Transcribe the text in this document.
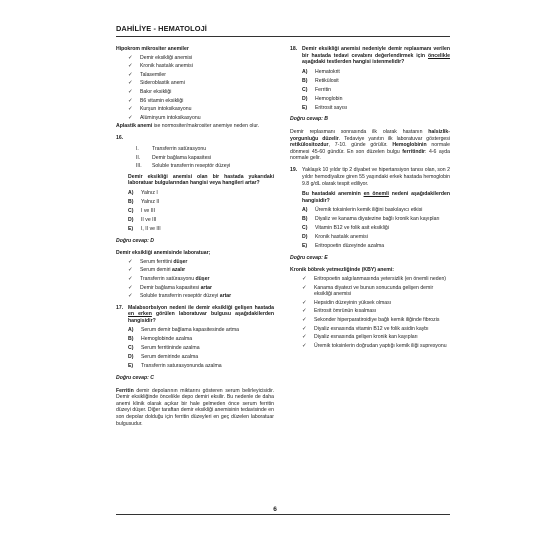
DAHİLİYE - HEMATOLOJİ
Hipokrom mikrositer anemiler
✓ Demir eksikliği anemisi
✓ Kronik hastalık anemisi
✓ Talasemiler
✓ Sideroblastik anemi
✓ Bakır eksikliği
✓ B6 vitamin eksikliği
✓ Kurşun intoksikasyonu
✓ Alüminyum intoksikasyonu
Aplastik anemi ise normositer/makrositer anemiye neden olur.
16.
I.	Transferrin satürasyonu
II.	Demir bağlama kapasitesi
III.	Soluble transferrin reseptör düzeyi
Demir eksikliği anemisi olan bir hastada yukarıdaki laboratuar bulgularından hangisi veya hangileri artar?
A)	Yalnız I
B)	Yalnız II
C)	I ve III
D)	II ve III
E)	I, II ve III
Doğru cevap: D
Demir eksikliği anemisinde laboratuar;
✓ Serum ferritini düşer
✓ Serum demiri azalır
✓ Transferrin satürasyonu düşer
✓ Demir bağlama kapasitesi artar
✓ Soluble transferrin reseptör düzeyi artar
17. Malabsorbsiyon nedeni ile demir eksikliği gelişen hastada en erken görülen laboratuvar bulgusu aşağıdakilerden hangisidir?
A)	Serum demir bağlama kapasitesinde artma
B)	Hemoglobinde azalma
C)	Serum ferritininde azalma
D)	Serum demirinde azalma
E)	Transferrin saturasyonunda azalma
Doğru cevap: C
Ferritin demir depolarının miktarını gösteren serum belirleyicisidir. Demir eksikliğinde öncelikle depo demiri eksilir. Bu nedenle de daha anemi klinik olarak açıkar bir hale gelmeden önce serum ferritin düzeyi düşer. Diğer taraftan demir eksikliği anemisinin tedavisinde en son depolar dolduğu için ferritin düzeyleri en geç düzelen laboratuar bulgusudur.
18. Demir eksikliği anemisi nedeniyle demir replasmanı verilen bir hastada tedavi cevabını değerlendirmek için öncelikle aşağıdaki testlerden hangisi istenmelidir?
A)	Hematokrit
B)	Retikülosit
C)	Ferritin
D)	Hemoglobin
E)	Eritrosit sayısı
Doğru cevap: B
Demir replasmanı sonrasında ilk olarak hastanın halsizlik-yorgunluğu düzelir. Tedaviye yanıtın ilk laboratuvar göstergesi retikülositozdur, 7-10. günde görülür. Hemoglobinin normale dönmesi 45-60 gündür. En son düzelen bulgu ferritindir: 4-6 ayda normale gelir.
19. Yaklaşık 10 yıldır tip 2 diyabet ve hipertansiyon tanısı olan, son 2 yıldır hemodiyalize giren 55 yaşındaki erkek hastada hemoglobin 9.8 g/dL olarak tespit ediliyor.
Bu hastadaki aneminin en önemli nedeni aşağıdakilerden hangisidir?
A)	Üremik toksinlerin kemik iliğini baskılayıcı etkisi
B)	Diyaliz ve kanama diyatezine bağlı kronik kan kayıpları
C)	Vitamin B12 ve folik asit eksikliği
D)	Kronik hastalık anemisi
E)	Eritropoetin düzeyinde azalma
Doğru cevap: E
Kronik böbrek yetmezliğinde (KBY) anemi:
✓ Eritropoetin salgılanmasında yetersizlik (en önemli neden)
✓ Kanama diyatezi ve bunun sonucunda gelişen demir eksikliği anemisi
✓ Hepsidin düzeyinin yüksek olması
✓ Eritrosit ömrünün kısalması
✓ Sekonder hiperparatiroidiye bağlı kemik iliğinde fibrozis
✓ Diyaliz esnasında vitamin B12 ve folik asidin kaybı
✓ Diyaliz esnasında gelişen kronik kan kayıpları
✓ Üremik toksinlerin doğrudan yaptığı kemik iliği supresyonu
6
